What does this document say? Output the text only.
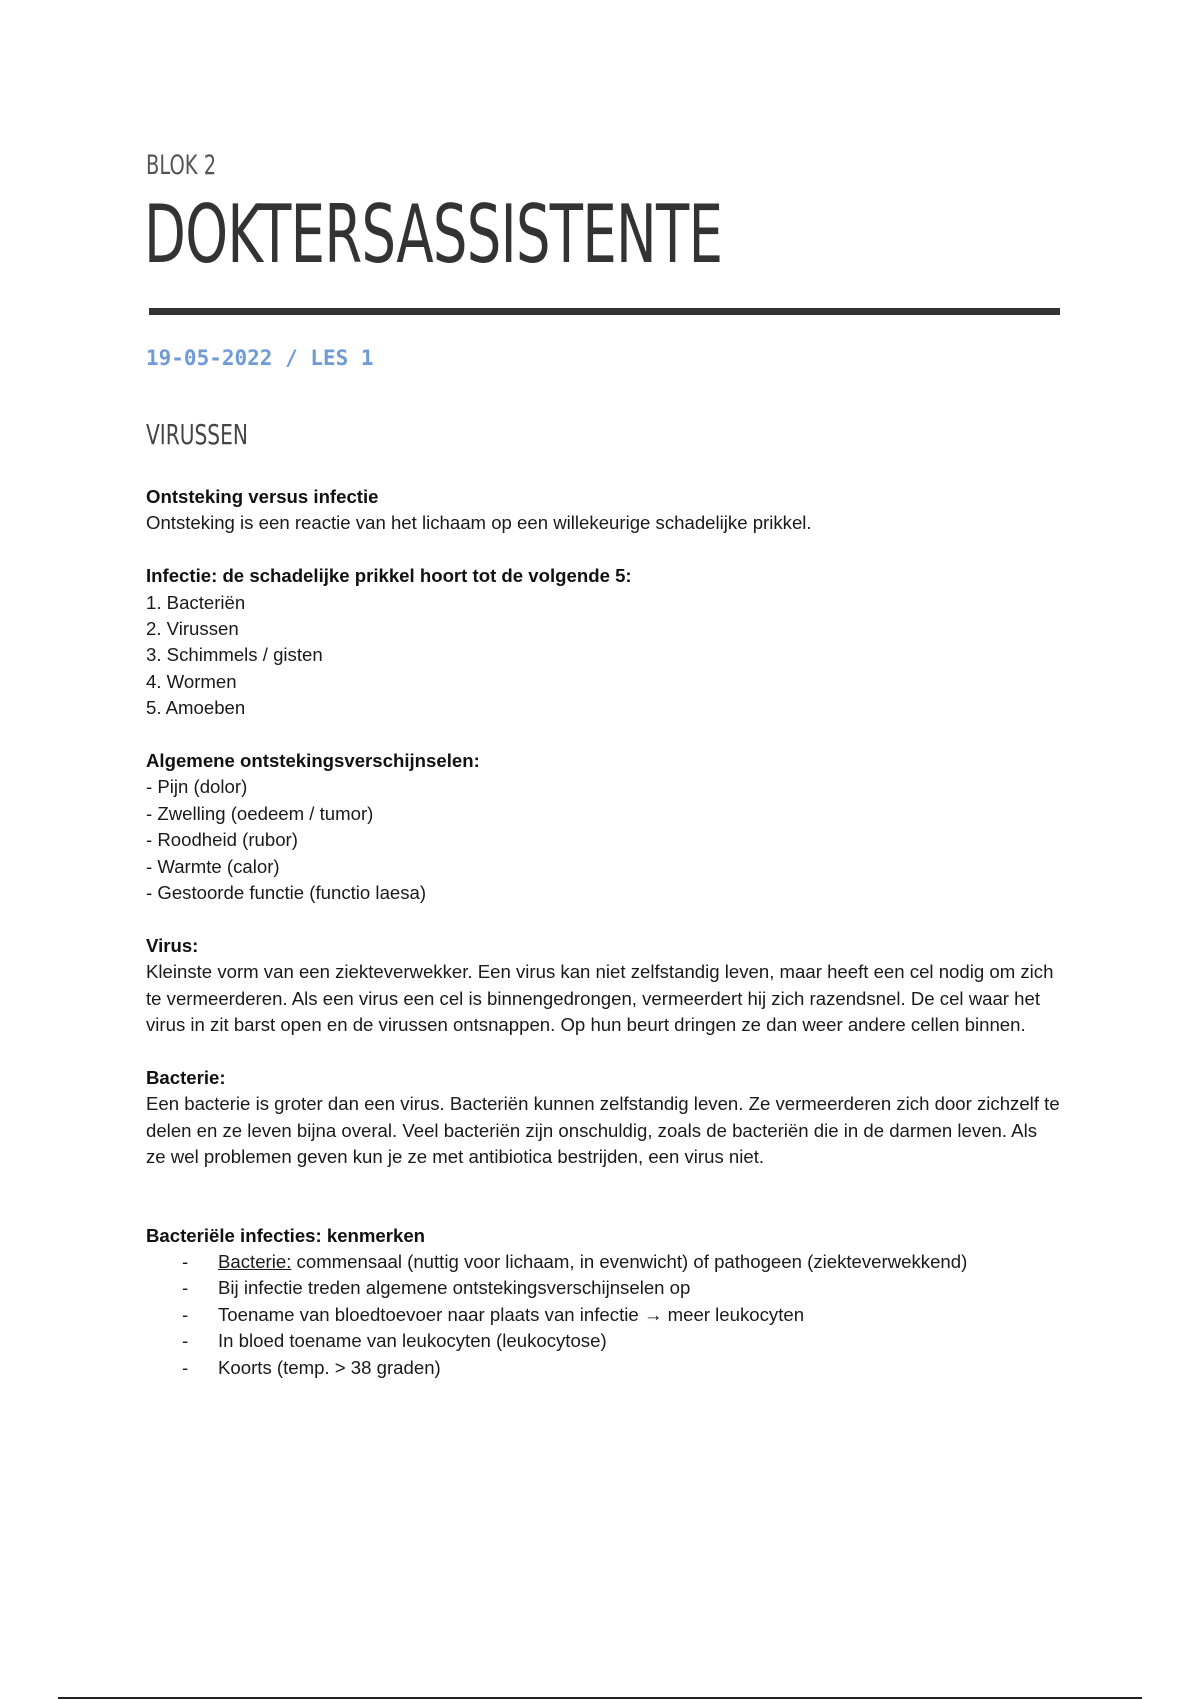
BLOK 2
DOKTERSASSISTENTE
19-05-2022 / LES 1
VIRUSSEN
Ontsteking versus infectie

Ontsteking is een reactie van het lichaam op een willekeurige schadelijke prikkel.

Infectie: de schadelijke prikkel hoort tot de volgende 5:
1. Bacteriën
2. Virussen
3. Schimmels / gisten
4. Wormen
5. Amoeben
Algemene ontstekingsverschijnselen:
- Pijn (dolor)
- Zwelling (oedeem / tumor)
- Roodheid (rubor)
- Warmte (calor)
- Gestoorde functie (functio laesa)
Virus:

Kleinste vorm van een ziekteverwekker. Een virus kan niet zelfstandig leven, maar heeft een cel nodig om zich te vermeerderen. Als een virus een cel is binnengedrongen, vermeerdert hij zich razendsnel. De cel waar het virus in zit barst open en de virussen ontsnappen. Op hun beurt dringen ze dan weer andere cellen binnen.

Bacterie:

Een bacterie is groter dan een virus. Bacteriën kunnen zelfstandig leven. Ze vermeerderen zich door zichzelf te delen en ze leven bijna overal. Veel bacteriën zijn onschuldig, zoals de bacteriën die in de darmen leven. Als ze wel problemen geven kun je ze met antibiotica bestrijden, een virus niet.

Bacteriële infecties: kenmerken
- Bacterie: commensaal (nuttig voor lichaam, in evenwicht) of pathogeen (ziekteverwekkend)
- Bij infectie treden algemene ontstekingsverschijnselen op
- Toename van bloedtoevoer naar plaats van infectie → meer leukocyten
- In bloed toename van leukocyten (leukocytose)
- Koorts (temp. > 38 graden)
